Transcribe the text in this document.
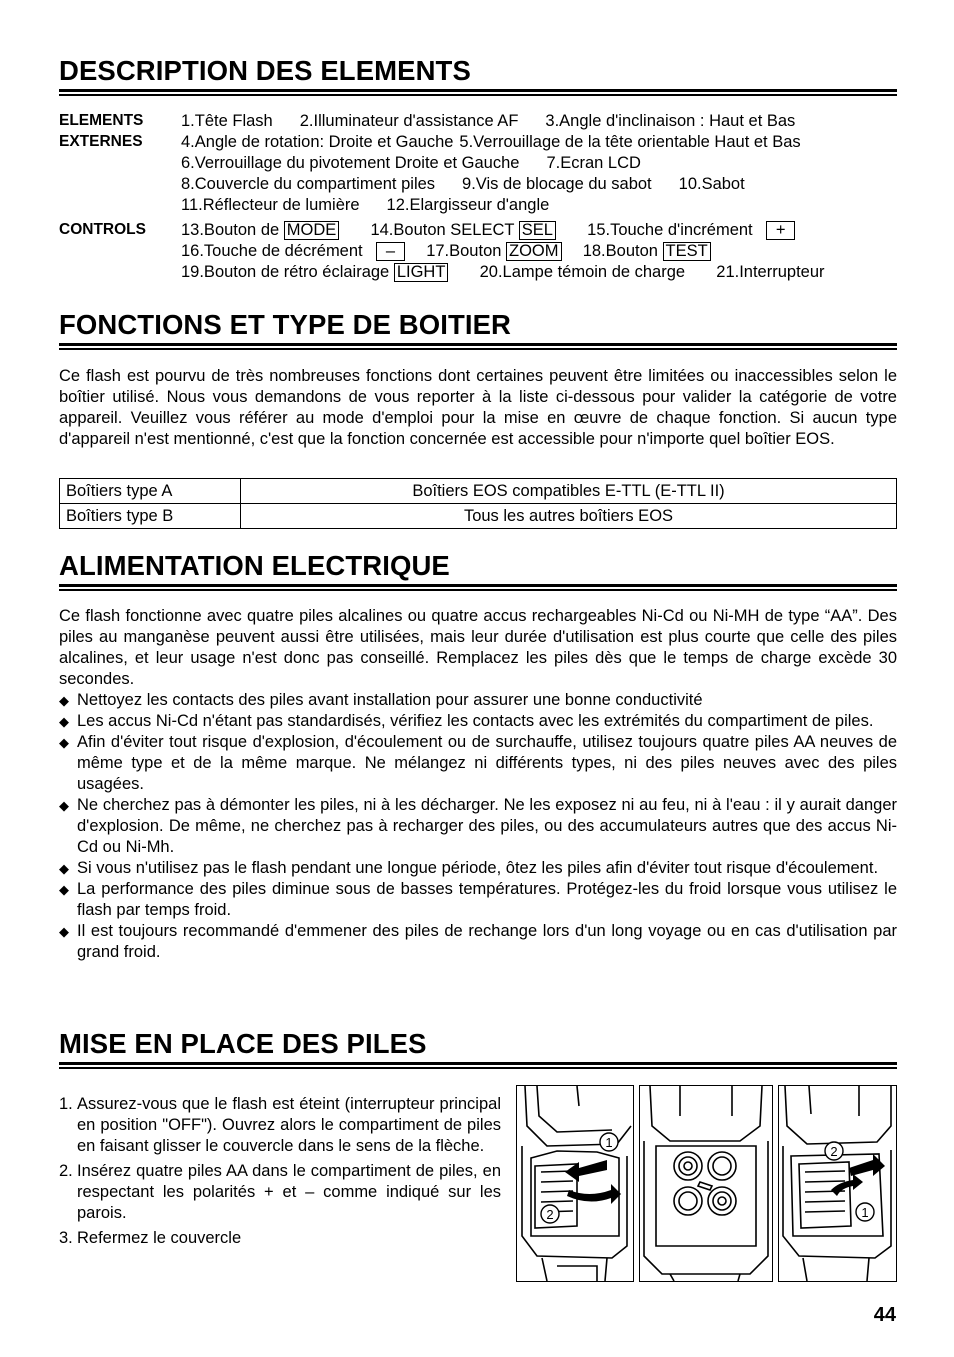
DESCRIPTION DES ELEMENTS
ELEMENTS
EXTERNES
1.Tête Flash 2.Illuminateur d'assistance AF 3.Angle d'inclinaison : Haut et Bas
4.Angle de rotation: Droite et Gauche 5.Verrouillage de la tête orientable Haut et Bas
6.Verrouillage du pivotement Droite et Gauche 7.Ecran LCD
8.Couvercle du compartiment piles 9.Vis de blocage du sabot 10.Sabot
11.Réflecteur de lumière 12.Elargisseur d'angle
CONTROLS 13.Bouton de MODE 14.Bouton SELECT SEL 15.Touche d'incrément +
16.Touche de décrément – 17.Bouton ZOOM 18.Bouton TEST
19.Bouton de rétro éclairage LIGHT 20.Lampe témoin de charge 21.Interrupteur
FONCTIONS ET TYPE DE BOITIER
Ce flash est pourvu de très nombreuses fonctions dont certaines peuvent être limitées ou inaccessibles selon le boîtier utilisé. Nous vous demandons de vous reporter à la liste ci-dessous pour valider la catégorie de votre appareil. Veuillez vous référer au mode d'emploi pour la mise en œuvre de chaque fonction. Si aucun type d'appareil n'est mentionné, c'est que la fonction concernée est accessible pour n'importe quel boîtier EOS.
Boîtiers type A	Boîtiers EOS compatibles E-TTL (E-TTL II)
Boîtiers type B	Tous les autres boîtiers EOS
ALIMENTATION ELECTRIQUE
Ce flash fonctionne avec quatre piles alcalines ou quatre accus rechargeables Ni-Cd ou Ni-MH de type “AA”. Des piles au manganèse peuvent aussi être utilisées, mais leur durée d'utilisation est plus courte que celle des piles alcalines, et leur usage n'est donc pas conseillé. Remplacez les piles dès que le temps de charge excède 30 secondes.
◆ Nettoyez les contacts des piles avant installation pour assurer une bonne conductivité
◆ Les accus Ni-Cd n'étant pas standardisés, vérifiez les contacts avec les extrémités du compartiment de piles.
◆ Afin d'éviter tout risque d'explosion, d'écoulement ou de surchauffe, utilisez toujours quatre piles AA neuves de même type et de la même marque. Ne mélangez ni différents types, ni des piles neuves avec des piles usagées.
◆ Ne cherchez pas à démonter les piles, ni à les décharger. Ne les exposez ni au feu, ni à l'eau : il y aurait danger d'explosion. De même, ne cherchez pas à recharger des piles, ou des accumulateurs autres que des accus Ni-Cd ou Ni-Mh.
◆ Si vous n'utilisez pas le flash pendant une longue période, ôtez les piles afin d'éviter tout risque d'écoulement.
◆ La performance des piles diminue sous de basses températures. Protégez-les du froid lorsque vous utilisez le flash par temps froid.
◆ Il est toujours recommandé d'emmener des piles de rechange lors d'un long voyage ou en cas d'utilisation par grand froid.
MISE EN PLACE DES PILES
1. Assurez-vous que le flash est éteint (interrupteur principal en position "OFF"). Ouvrez alors le compartiment de piles en faisant glisser le couvercle dans le sens de la flèche.
2. Insérez quatre piles AA dans le compartiment de piles, en respectant les polarités + et – comme indiqué sur les parois.
3. Refermez le couvercle
1
2
2
1
44
